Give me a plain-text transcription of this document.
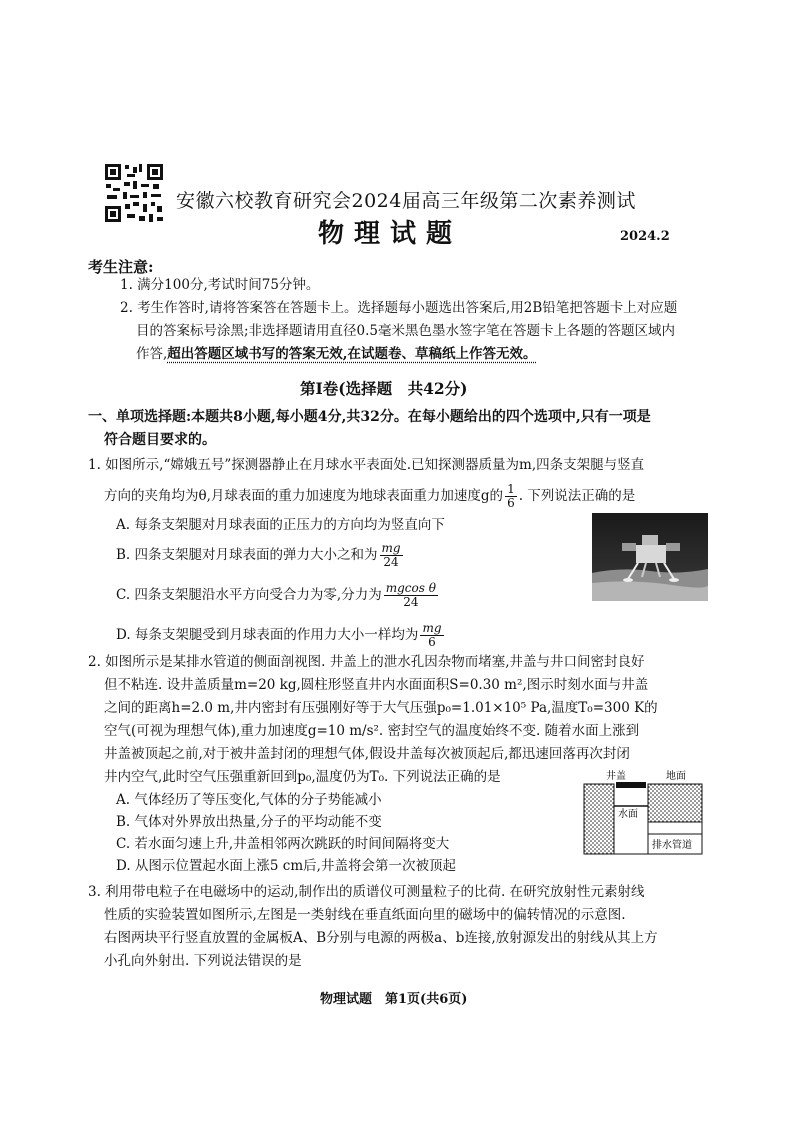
安徽六校教育研究会2024届高三年级第二次素养测试
物理试题	2024.2
考生注意:
1. 满分100分,考试时间75分钟。
2. 考生作答时,请将答案答在答题卡上。选择题每小题选出答案后,用2B铅笔把答题卡上对应题
目的答案标号涂黑;非选择题请用直径0.5毫米黑色墨水签字笔在答题卡上各题的答题区域内
作答,超出答题区域书写的答案无效,在试题卷、草稿纸上作答无效。
第Ⅰ卷(选择题　共42分)
一、单项选择题:本题共8小题,每小题4分,共32分。在每小题给出的四个选项中,只有一项是
符合题目要求的。
1. 如图所示,“嫦娥五号”探测器静止在月球水平表面处.已知探测器质量为m,四条支架腿与竖直
方向的夹角均为θ,月球表面的重力加速度为地球表面重力加速度g的 $\frac{1}{6}$ . 下列说法正确的是
A. 每条支架腿对月球表面的正压力的方向均为竖直向下
B. 四条支架腿对月球表面的弹力大小之和为 $\frac{mg}{24}$
C. 四条支架腿沿水平方向受合力为零,分力为 $\frac{\text{mgcos θ}}{24}$
D. 每条支架腿受到月球表面的作用力大小一样均为 $\frac{mg}{6}$
2. 如图所示是某排水管道的侧面剖视图. 井盖上的泄水孔因杂物而堵塞,井盖与井口间密封良好
但不粘连. 设井盖质量m=20 kg,圆柱形竖直井内水面面积S=0.30 m²,图示时刻水面与井盖
之间的距离h=2.0 m,井内密封有压强刚好等于大气压强p₀=1.01×10⁵ Pa,温度T₀=300 K的
空气(可视为理想气体),重力加速度g=10 m/s². 密封空气的温度始终不变. 随着水面上涨到
井盖被顶起之前,对于被井盖封闭的理想气体,假设井盖每次被顶起后,都迅速回落再次封闭
井内空气,此时空气压强重新回到p₀,温度仍为T₀. 下列说法正确的是
A. 气体经历了等压变化,气体的分子势能减小
B. 气体对外界放出热量,分子的平均动能不变
C. 若水面匀速上升,井盖相邻两次跳跃的时间间隔将变大
D. 从图示位置起水面上涨5 cm后,井盖将会第一次被顶起
水面
排水管道
井盖	地面
3. 利用带电粒子在电磁场中的运动,制作出的质谱仪可测量粒子的比荷. 在研究放射性元素射线
性质的实验装置如图所示,左图是一类射线在垂直纸面向里的磁场中的偏转情况的示意图.
右图两块平行竖直放置的金属板A、B分别与电源的两极a、b连接,放射源发出的射线从其上方
小孔向外射出. 下列说法错误的是
物理试题　第1页(共6页)
